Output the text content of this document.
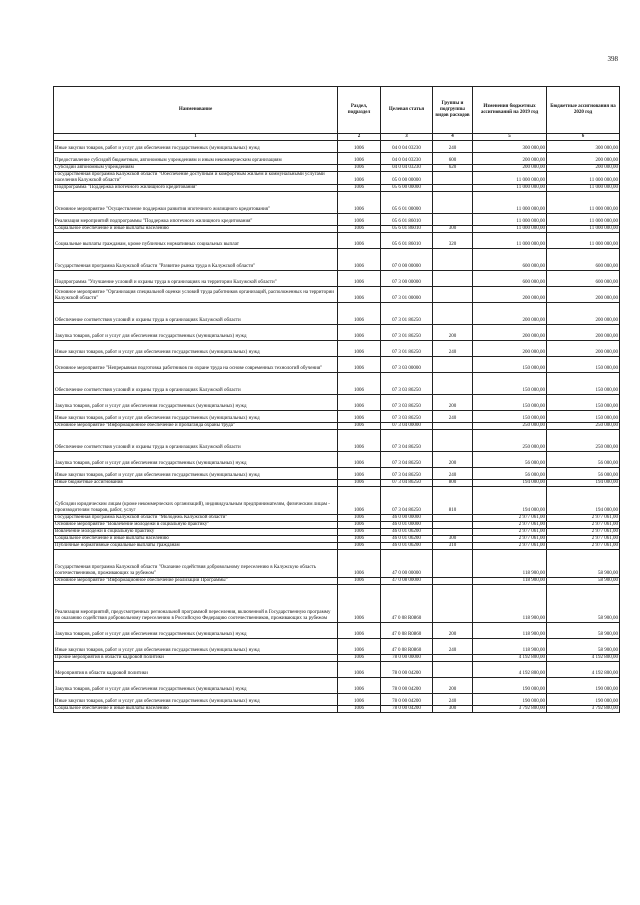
398
Наименование	Раздел, подраздел	Целевая статья	Группы и подгруппы видов расходов	Изменения бюджетных ассигнований на 2019 год	Бюджетные ассигнования на 2020 год
1	2	3	4	5	6
Иные закупки товаров, работ и услуг для обеспечения государственных (муниципальных) нужд	1006	04 0 04 03230	240	300 000,00	300 000,00
Предоставление субсидий бюджетным, автономным учреждениям и иным некоммерческим организациям	1006	04 0 04 03230	600	200 000,00	200 000,00
Субсидии автономным учреждениям	1006	04 0 04 03230	620	200 000,00	200 000,00
Государственная программа Калужской области "Обеспечение доступным и комфортным жильем и коммунальными услугами населения Калужской области"	1006	05 0 00 00000		11 000 000,00	11 000 000,00
Подпрограмма "Поддержка ипотечного жилищного кредитования"	1006	05 6 00 00000		11 000 000,00	11 000 000,00
Основное мероприятие "Осуществление поддержки развития ипотечного жилищного кредитования"	1006	05 6 01 00000		11 000 000,00	11 000 000,00
Реализация мероприятий подпрограммы "Поддержка ипотечного жилищного кредитования"	1006	05 6 01 86010		11 000 000,00	11 000 000,00
Социальное обеспечение и иные выплаты населению	1006	05 6 01 86010	300	11 000 000,00	11 000 000,00
Социальные выплаты гражданам, кроме публичных нормативных социальных выплат	1006	05 6 01 86010	320	11 000 000,00	11 000 000,00
Государственная программа Калужской области "Развитие рынка труда в Калужской области"	1006	07 0 00 00000		600 000,00	600 000,00
Подпрограмма "Улучшение условий и охраны труда в организациях на территории Калужской области"	1006	07 3 00 00000		600 000,00	600 000,00
Основное мероприятие "Организация специальной оценки условий труда работников организаций, расположенных на территории Калужской области"	1006	07 3 01 00000		200 000,00	200 000,00
Обеспечение соответствия условий и охраны труда в организациях Калужской области	1006	07 3 01 86250		200 000,00	200 000,00
Закупка товаров, работ и услуг для обеспечения государственных (муниципальных) нужд	1006	07 3 01 86250	200	200 000,00	200 000,00
Иные закупки товаров, работ и услуг для обеспечения государственных (муниципальных) нужд	1006	07 3 01 86250	240	200 000,00	200 000,00
Основное мероприятие "Непрерывная подготовка работников по охране труда на основе современных технологий обучения"	1006	07 3 03 00000		150 000,00	150 000,00
Обеспечение соответствия условий и охраны труда в организациях Калужской области	1006	07 3 03 86250		150 000,00	150 000,00
Закупка товаров, работ и услуг для обеспечения государственных (муниципальных) нужд	1006	07 3 03 86250	200	150 000,00	150 000,00
Иные закупки товаров, работ и услуг для обеспечения государственных (муниципальных) нужд	1006	07 3 03 86250	240	150 000,00	150 000,00
Основное мероприятие "Информационное обеспечение и пропаганда охраны труда"	1006	07 3 04 00000		250 000,00	250 000,00
Обеспечение соответствия условий и охраны труда в организациях Калужской области	1006	07 3 04 86250		250 000,00	250 000,00
Закупка товаров, работ и услуг для обеспечения государственных (муниципальных) нужд	1006	07 3 04 86250	200	56 000,00	56 000,00
Иные закупки товаров, работ и услуг для обеспечения государственных (муниципальных) нужд	1006	07 3 04 86250	240	56 000,00	56 000,00
Иные бюджетные ассигнования	1006	07 3 04 86250	800	194 000,00	194 000,00
Субсидии юридическим лицам (кроме некоммерческих организаций), индивидуальным предпринимателям, физическим лицам - производителям товаров, работ, услуг	1006	07 3 04 86250	810	194 000,00	194 000,00
Государственная программа Калужской области "Молодежь Калужской области"	1006	46 0 00 00000		2 977 061,00	2 977 061,00
Основное мероприятие "Вовлечение молодежи в социальную практику"	1006	46 0 01 00000		2 977 061,00	2 977 061,00
Вовлечение молодежи в социальную практику	1006	46 0 01 06200		2 977 061,00	2 977 061,00
Социальное обеспечение и иные выплаты населению	1006	46 0 01 06200	300	2 977 061,00	2 977 061,00
Публичные нормативные социальные выплаты гражданам	1006	46 0 01 06200	310	2 977 061,00	2 977 061,00
Государственная программа Калужской области "Оказание содействия добровольному переселению в Калужскую область соотечественников, проживающих за рубежом"	1006	47 0 00 00000		118 900,00	58 900,00
Основное мероприятие "Информационное обеспечение реализации Программы"	1006	47 0 08 00000		118 900,00	58 900,00
Реализация мероприятий, предусмотренных региональной программой переселения, включенной в Государственную программу по оказанию содействия добровольному переселению в Российскую Федерацию соотечественников, проживающих за рубежом	1006	47 0 08 R0860		118 900,00	58 900,00
Закупка товаров, работ и услуг для обеспечения государственных (муниципальных) нужд	1006	47 0 08 R0860	200	118 900,00	58 900,00
Иные закупки товаров, работ и услуг для обеспечения государственных (муниципальных) нужд	1006	47 0 08 R0860	240	118 900,00	58 900,00
Прочие мероприятия в области кадровой политики	1006	78 0 00 00000		4 192 800,00	4 192 800,00
Мероприятия в области кадровой политики	1006	78 0 00 04200		4 192 800,00	4 192 800,00
Закупка товаров, работ и услуг для обеспечения государственных (муниципальных) нужд	1006	78 0 00 04200	200	190 000,00	190 000,00
Иные закупки товаров, работ и услуг для обеспечения государственных (муниципальных) нужд	1006	78 0 00 04200	240	190 000,00	190 000,00
Социальное обеспечение и иные выплаты населению	1006	78 0 00 04200	300	3 792 800,00	3 792 800,00
